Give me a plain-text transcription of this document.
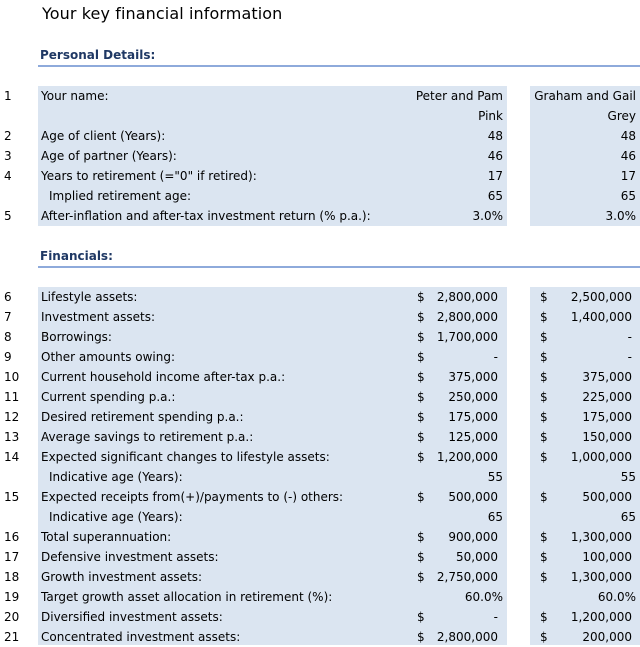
Your key financial information
Personal Details:
1 Your name:	Peter and Pam	Graham and Gail
Pink	Grey
2 Age of client (Years):	48	48
3 Age of partner (Years):	46	46
4 Years to retirement (="0" if retired):	17	17
Implied retirement age:	65	65
5 After-inflation and after-tax investment return (% p.a.):	3.0%	3.0%
Financials:
6 Lifestyle assets:	$ 2,800,000	$ 2,500,000
7 Investment assets:	$ 2,800,000	$ 1,400,000
8 Borrowings:	$ 1,700,000	$	-
9 Other amounts owing:	$	-	$	-
10 Current household income after-tax p.a.:	$ 375,000	$	375,000
11 Current spending p.a.:	$ 250,000	$	225,000
12 Desired retirement spending p.a.:	$ 175,000	$	175,000
13 Average savings to retirement p.a.:	$ 125,000	$	150,000
14 Expected significant changes to lifestyle assets:	$ 1,200,000	$ 1,000,000
Indicative age (Years):	55	55
15 Expected receipts from(+)/payments to (-) others:	$ 500,000	$	500,000
Indicative age (Years):	65	65
16 Total superannuation:	$ 900,000	$ 1,300,000
17 Defensive investment assets:	$	50,000	$	100,000
18 Growth investment assets:	$ 2,750,000	$ 1,300,000
19 Target growth asset allocation in retirement (%):	60.0%	60.0%
20 Diversified investment assets:	$	-	$ 1,200,000
21 Concentrated investment assets:	$ 2,800,000	$	200,000
